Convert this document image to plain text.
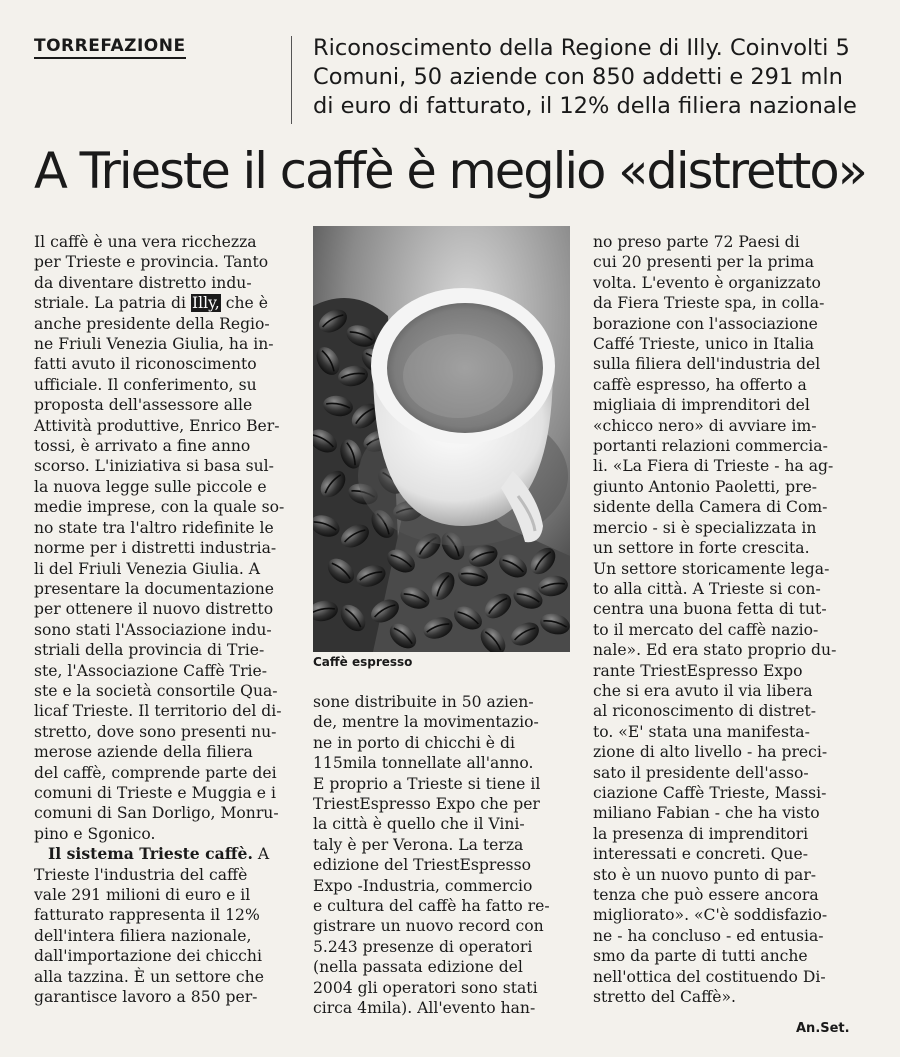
TORREFAZIONE	Riconoscimento della Regione di Illy. Coinvolti 5
Comuni, 50 aziende con 850 addetti e 291 mln
di euro di fatturato, il 12% della filiera nazionale
A Trieste il caffè è meglio «distretto»
Il caffè è una vera ricchezza
per Trieste e provincia. Tanto
da diventare distretto indu-
striale. La patria di Illy, che è
anche presidente della Regio-
ne Friuli Venezia Giulia, ha in-
fatti avuto il riconoscimento
ufficiale. Il conferimento, su
proposta dell'assessore alle
Attività produttive, Enrico Ber-
tossi, è arrivato a fine anno
scorso. L'iniziativa si basa sul-
la nuova legge sulle piccole e
medie imprese, con la quale so-
no state tra l'altro ridefinite le
norme per i distretti industria-
li del Friuli Venezia Giulia. A
presentare la documentazione
per ottenere il nuovo distretto
sono stati l'Associazione indu-
striali della provincia di Trie-
ste, l'Associazione Caffè Trie-
ste e la società consortile Qua-
licaf Trieste. Il territorio del di-
stretto, dove sono presenti nu-
merose aziende della filiera
del caffè, comprende parte dei
comuni di Trieste e Muggia e i
comuni di San Dorligo, Monru-
pino e Sgonico.
Il sistema Trieste caffè. A
Trieste l'industria del caffè
vale 291 milioni di euro e il
fatturato rappresenta il 12%
dell'intera filiera nazionale,
dall'importazione dei chicchi
alla tazzina. È un settore che
garantisce lavoro a 850 per-
Caffè espresso
sone distribuite in 50 azien-
de, mentre la movimentazio-
ne in porto di chicchi è di
115mila tonnellate all'anno.
E proprio a Trieste si tiene il
TriestEspresso Expo che per
la città è quello che il Vini-
taly è per Verona. La terza
edizione del TriestEspresso
Expo -Industria, commercio
e cultura del caffè ha fatto re-
gistrare un nuovo record con
5.243 presenze di operatori
(nella passata edizione del
2004 gli operatori sono stati
circa 4mila). All'evento han-
no preso parte 72 Paesi di
cui 20 presenti per la prima
volta. L'evento è organizzato
da Fiera Trieste spa, in colla-
borazione con l'associazione
Caffé Trieste, unico in Italia
sulla filiera dell'industria del
caffè espresso, ha offerto a
migliaia di imprenditori del
«chicco nero» di avviare im-
portanti relazioni commercia-
li. «La Fiera di Trieste - ha ag-
giunto Antonio Paoletti, pre-
sidente della Camera di Com-
mercio - si è specializzata in
un settore in forte crescita.
Un settore storicamente lega-
to alla città. A Trieste si con-
centra una buona fetta di tut-
to il mercato del caffè nazio-
nale». Ed era stato proprio du-
rante TriestEspresso Expo
che si era avuto il via libera
al riconoscimento di distret-
to. «E' stata una manifesta-
zione di alto livello - ha preci-
sato il presidente dell'asso-
ciazione Caffè Trieste, Massi-
miliano Fabian - che ha visto
la presenza di imprenditori
interessati e concreti. Que-
sto è un nuovo punto di par-
tenza che può essere ancora
migliorato». «C'è soddisfazio-
ne - ha concluso - ed entusia-
smo da parte di tutti anche
nell'ottica del costituendo Di-
stretto del Caffè».
An.Set.
